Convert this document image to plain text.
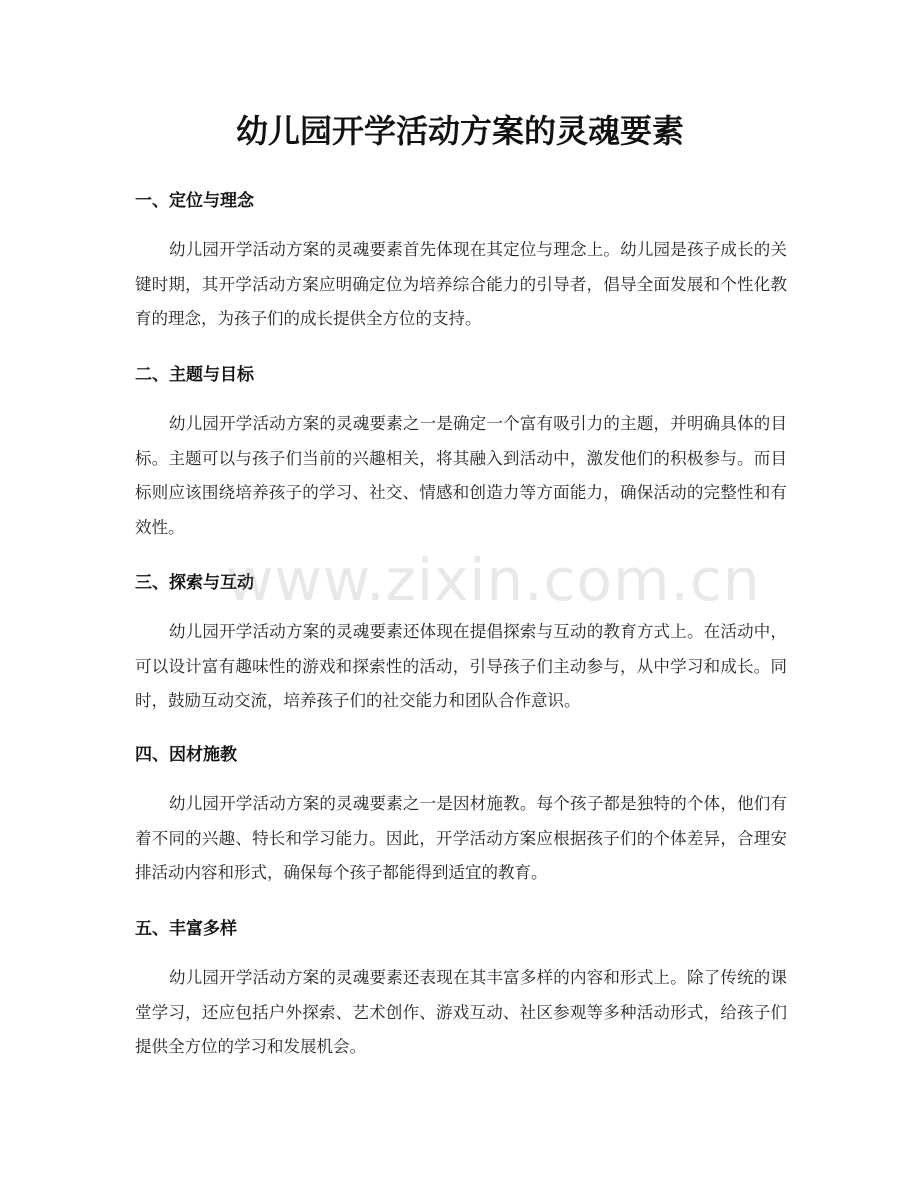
幼儿园开学活动方案的灵魂要素
一、定位与理念

幼儿园开学活动方案的灵魂要素首先体现在其定位与理念上。幼儿园是孩子成长的关键时期，其开学活动方案应明确定位为培养综合能力的引导者，倡导全面发展和个性化教育的理念，为孩子们的成长提供全方位的支持。

二、主题与目标

幼儿园开学活动方案的灵魂要素之一是确定一个富有吸引力的主题，并明确具体的目标。主题可以与孩子们当前的兴趣相关，将其融入到活动中，激发他们的积极参与。而目标则应该围绕培养孩子的学习、社交、情感和创造力等方面能力，确保活动的完整性和有效性。

三、探索与互动

幼儿园开学活动方案的灵魂要素还体现在提倡探索与互动的教育方式上。在活动中，可以设计富有趣味性的游戏和探索性的活动，引导孩子们主动参与，从中学习和成长。同时，鼓励互动交流，培养孩子们的社交能力和团队合作意识。

四、因材施教

幼儿园开学活动方案的灵魂要素之一是因材施教。每个孩子都是独特的个体，他们有着不同的兴趣、特长和学习能力。因此，开学活动方案应根据孩子们的个体差异，合理安排活动内容和形式，确保每个孩子都能得到适宜的教育。

五、丰富多样

幼儿园开学活动方案的灵魂要素还表现在其丰富多样的内容和形式上。除了传统的课堂学习，还应包括户外探索、艺术创作、游戏互动、社区参观等多种活动形式，给孩子们提供全方位的学习和发展机会。

www.zixin.com.cn
